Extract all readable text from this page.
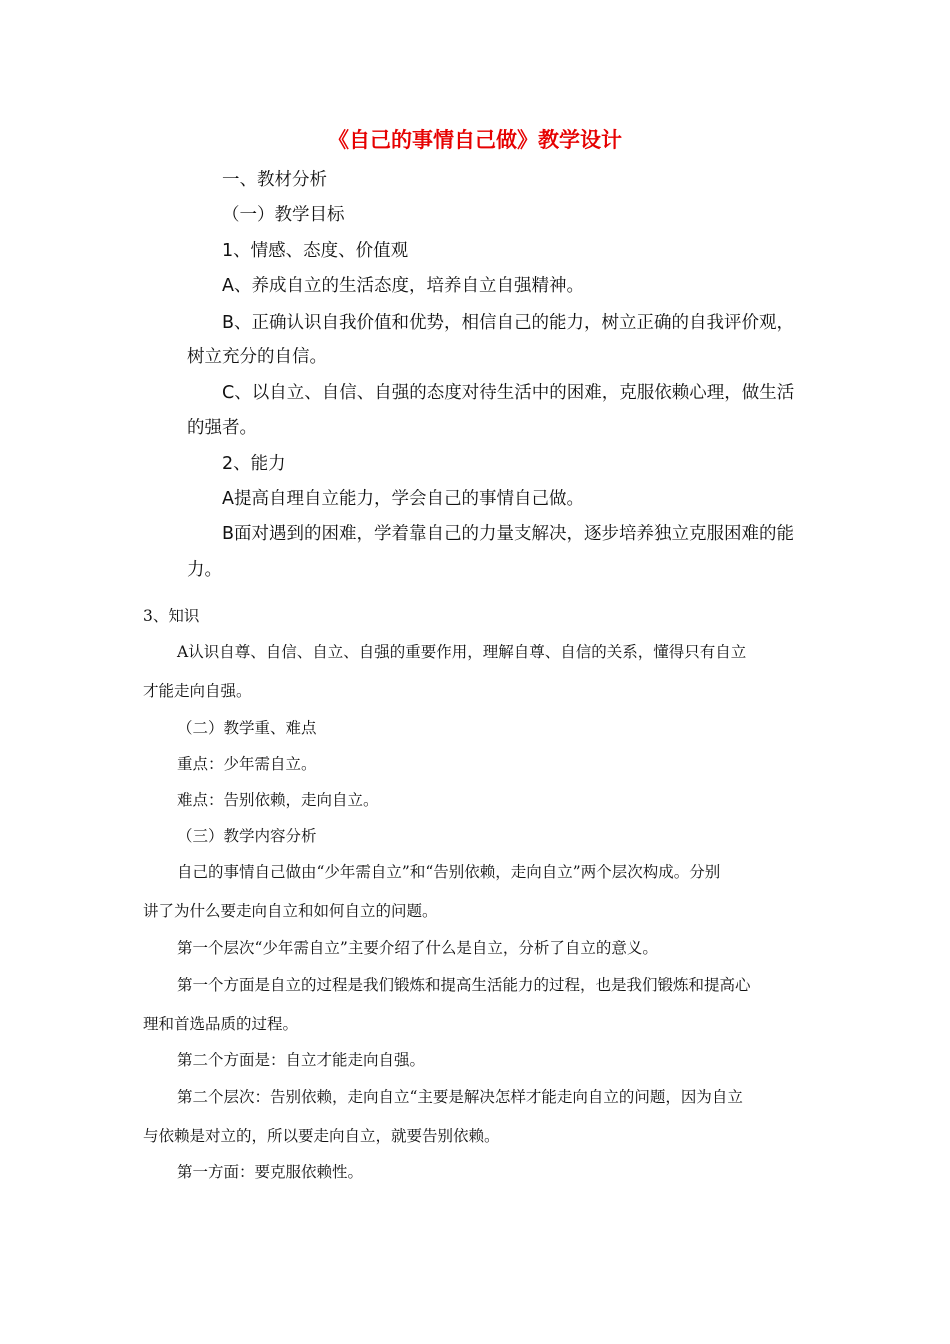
《自己的事情自己做》教学设计
一、教材分析
（一）教学目标
1、情感、态度、价值观
A、养成自立的生活态度，培养自立自强精神。
B、正确认识自我价值和优势，相信自己的能力，树立正确的自我评价观，
树立充分的自信。
C、以自立、自信、自强的态度对待生活中的困难，克服依赖心理，做生活
的强者。
2、能力
A提高自理自立能力，学会自己的事情自己做。
B面对遇到的困难，学着靠自己的力量支解决，逐步培养独立克服困难的能
力。
3、知识
A认识自尊、自信、自立、自强的重要作用，理解自尊、自信的关系，懂得只有自立
才能走向自强。
（二）教学重、难点
重点：少年需自立。
难点：告别依赖，走向自立。
（三）教学内容分析
自己的事情自己做由“少年需自立”和“告别依赖，走向自立”两个层次构成。分别
讲了为什么要走向自立和如何自立的问题。
第一个层次“少年需自立”主要介绍了什么是自立，分析了自立的意义。
第一个方面是自立的过程是我们锻炼和提高生活能力的过程，也是我们锻炼和提高心
理和首选品质的过程。
第二个方面是：自立才能走向自强。
第二个层次：告别依赖，走向自立“主要是解决怎样才能走向自立的问题，因为自立
与依赖是对立的，所以要走向自立，就要告别依赖。
第一方面：要克服依赖性。
